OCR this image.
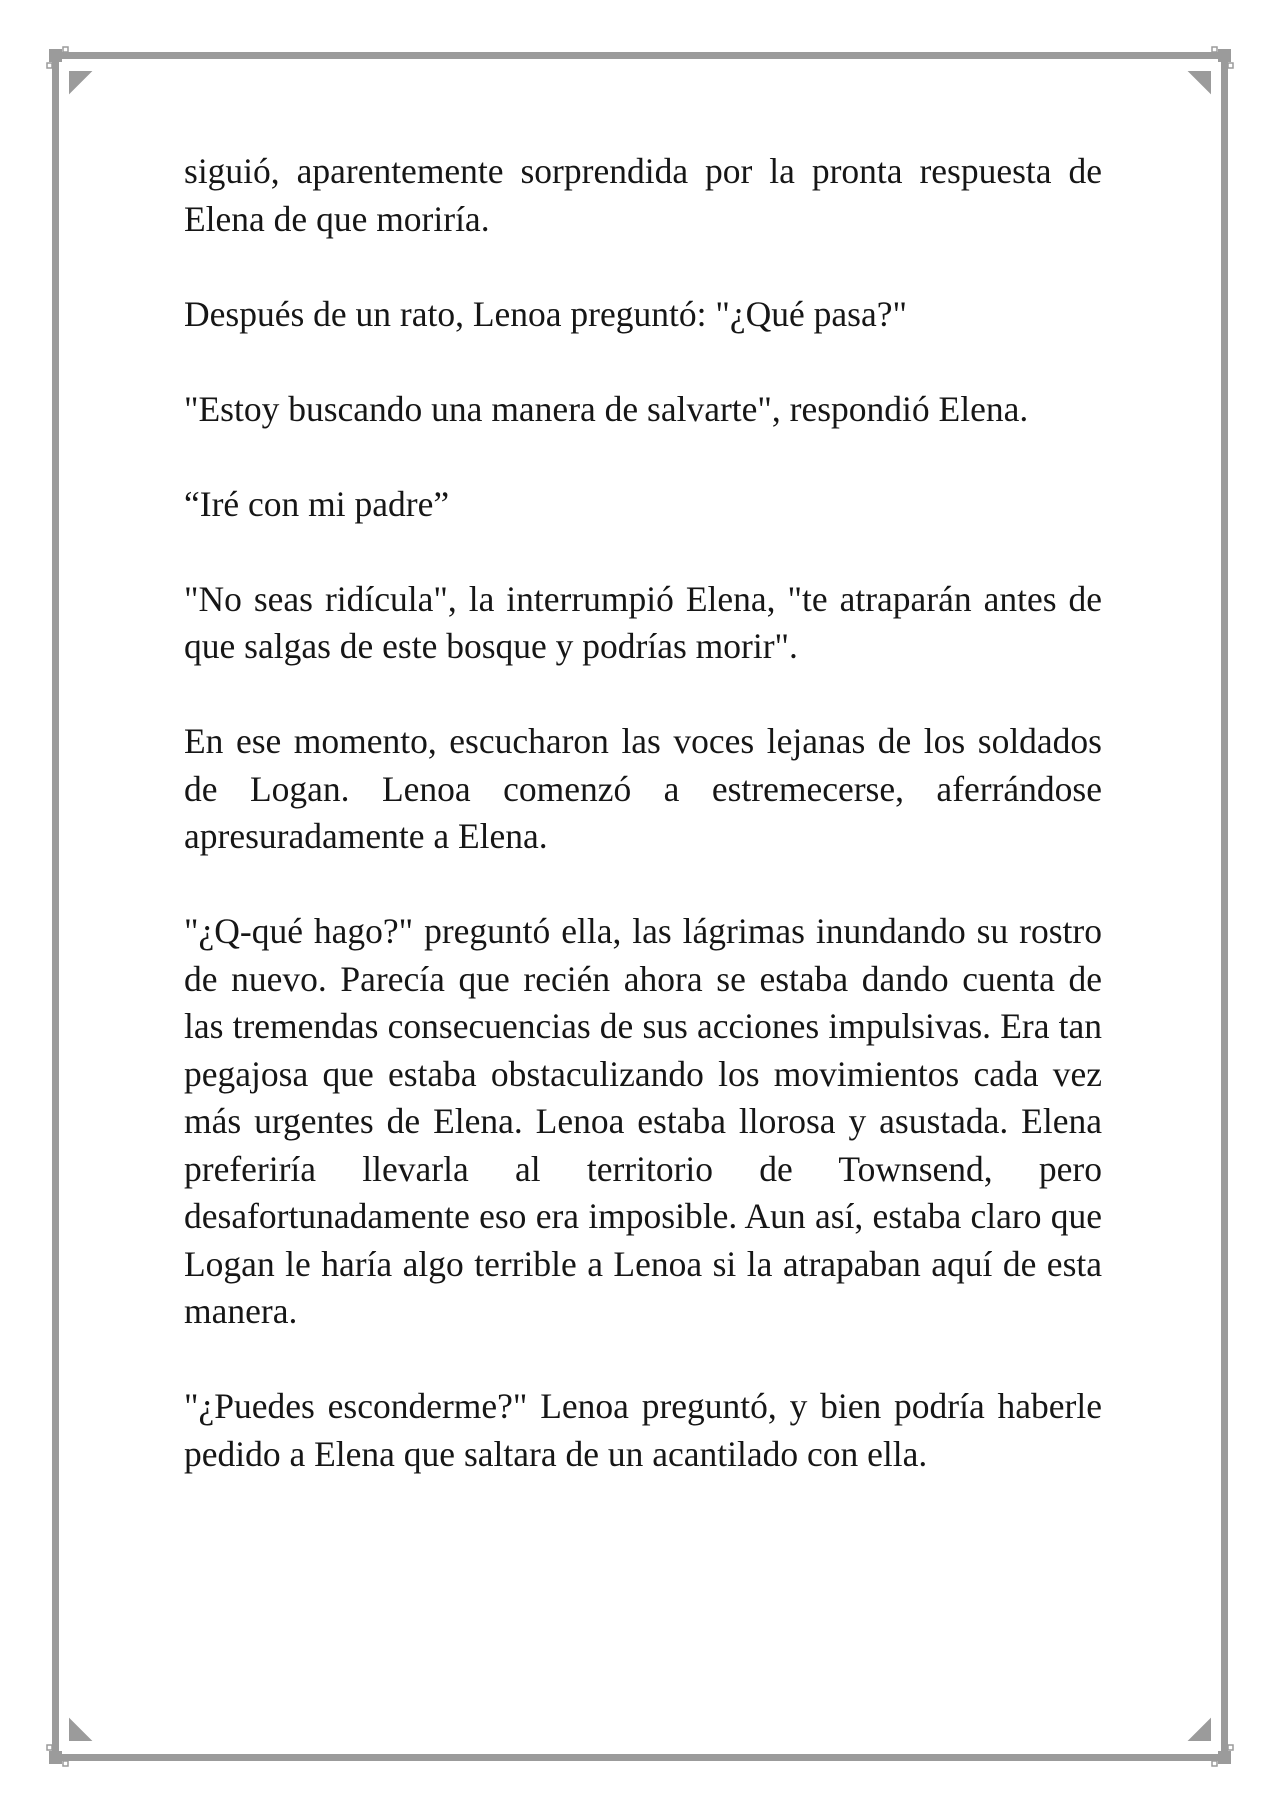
siguió, aparentemente sorprendida por la pronta respuesta de Elena de que moriría.

Después de un rato, Lenoa preguntó: "¿Qué pasa?"

"Estoy buscando una manera de salvarte", respondió Elena.

“Iré con mi padre”

"No seas ridícula", la interrumpió Elena, "te atraparán antes de que salgas de este bosque y podrías morir".

En ese momento, escucharon las voces lejanas de los soldados de Logan. Lenoa comenzó a estremecerse, aferrándose apresuradamente a Elena.

"¿Q-qué hago?" preguntó ella, las lágrimas inundando su rostro de nuevo. Parecía que recién ahora se estaba dando cuenta de las tremendas consecuencias de sus acciones impulsivas. Era tan pegajosa que estaba obstaculizando los movimientos cada vez más urgentes de Elena. Lenoa estaba llorosa y asustada. Elena preferiría llevarla al territorio de Townsend, pero desafortunadamente eso era imposible. Aun así, estaba claro que Logan le haría algo terrible a Lenoa si la atrapaban aquí de esta manera.

"¿Puedes esconderme?" Lenoa preguntó, y bien podría haberle pedido a Elena que saltara de un acantilado con ella.
